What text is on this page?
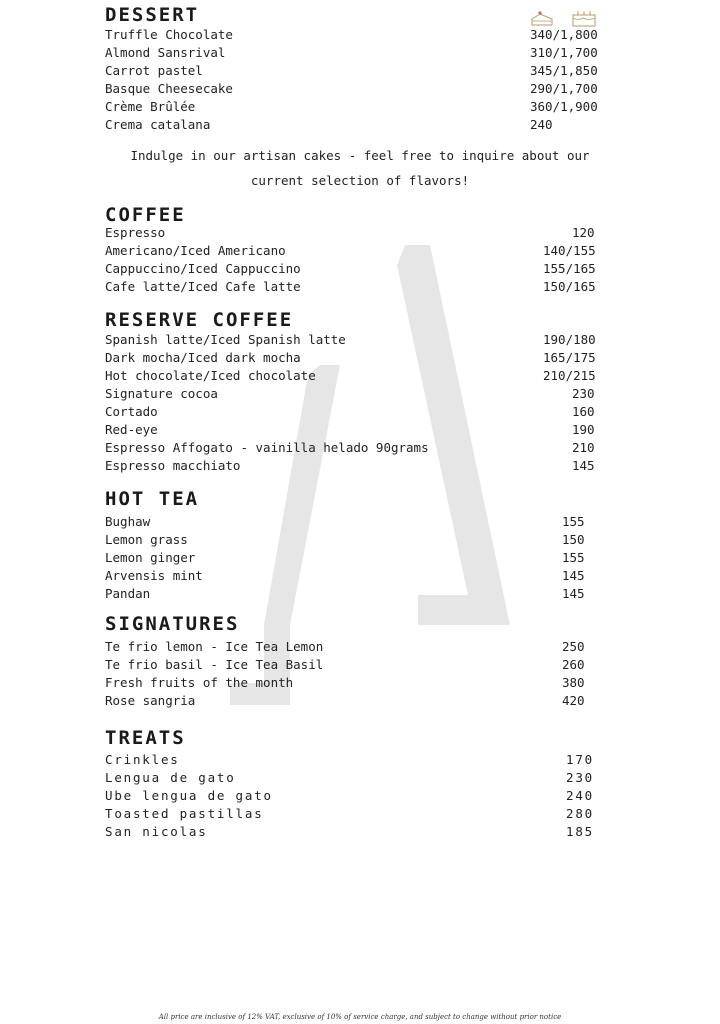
DESSERT
Truffle Chocolate	340/1,800
Almond Sansrival	310/1,700
Carrot pastel	345/1,850
Basque Cheesecake	290/1,700
Crème Brûlée	360/1,900
Crema catalana	240
Indulge in our artisan cakes - feel free to inquire about our
current selection of flavors!
COFFEE
Espresso	120
Americano/Iced Americano	140/155
Cappuccino/Iced Cappuccino	155/165
Cafe latte/Iced Cafe latte	150/165
RESERVE COFFEE
Spanish latte/Iced Spanish latte	190/180
Dark mocha/Iced dark mocha	165/175
Hot chocolate/Iced chocolate	210/215
Signature cocoa	230
Cortado	160
Red-eye	190
Espresso Affogato - vainilla helado 90grams	210
Espresso macchiato	145
HOT TEA
Bughaw	155
Lemon grass	150
Lemon ginger	155
Arvensis mint	145
Pandan	145
SIGNATURES
Te frio lemon - Ice Tea Lemon	250
Te frio basil - Ice Tea Basil	260
Fresh fruits of the month	380
Rose sangria	420
TREATS
Crinkles	170
Lengua de gato	230
Ube lengua de gato	240
Toasted pastillas	280
San nicolas	185
All price are inclusive of 12% VAT, exclusive of 10% of service charge, and subject to change without prior notice
